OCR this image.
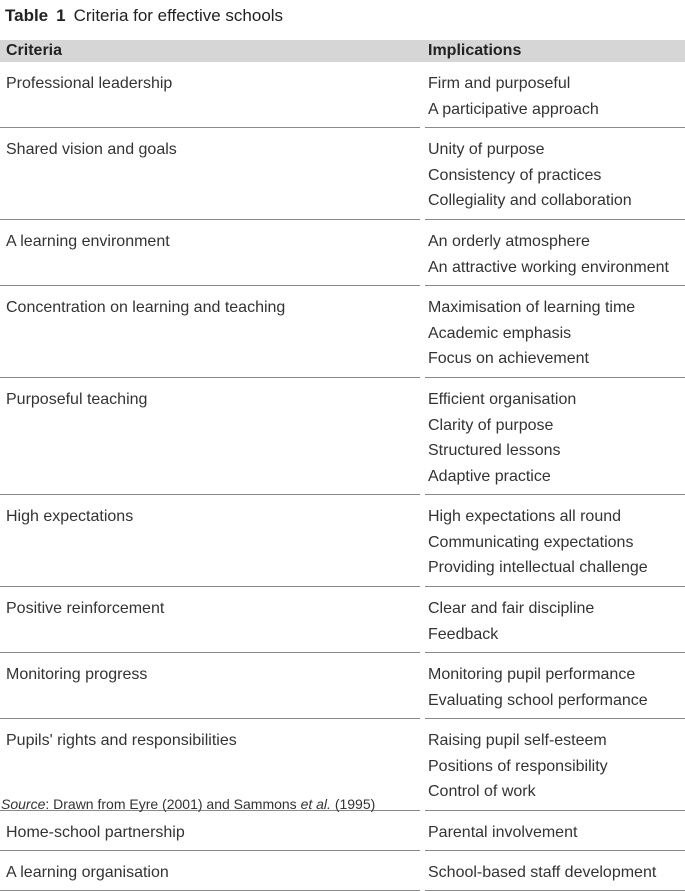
Table 1 Criteria for effective schools
Criteria	Implications
Professional leadership	Firm and purposeful
A participative approach
Shared vision and goals	Unity of purpose
Consistency of practices
Collegiality and collaboration
A learning environment	An orderly atmosphere
An attractive working environment
Concentration on learning and teaching	Maximisation of learning time
Academic emphasis
Focus on achievement
Purposeful teaching	Efficient organisation
Clarity of purpose
Structured lessons
Adaptive practice
High expectations	High expectations all round
Communicating expectations
Providing intellectual challenge
Positive reinforcement	Clear and fair discipline
Feedback
Monitoring progress	Monitoring pupil performance
Evaluating school performance
Pupils' rights and responsibilities	Raising pupil self-esteem
Positions of responsibility
Control of work
Home-school partnership	Parental involvement
A learning organisation	School-based staff development
Source: Drawn from Eyre (2001) and Sammons et al. (1995)
